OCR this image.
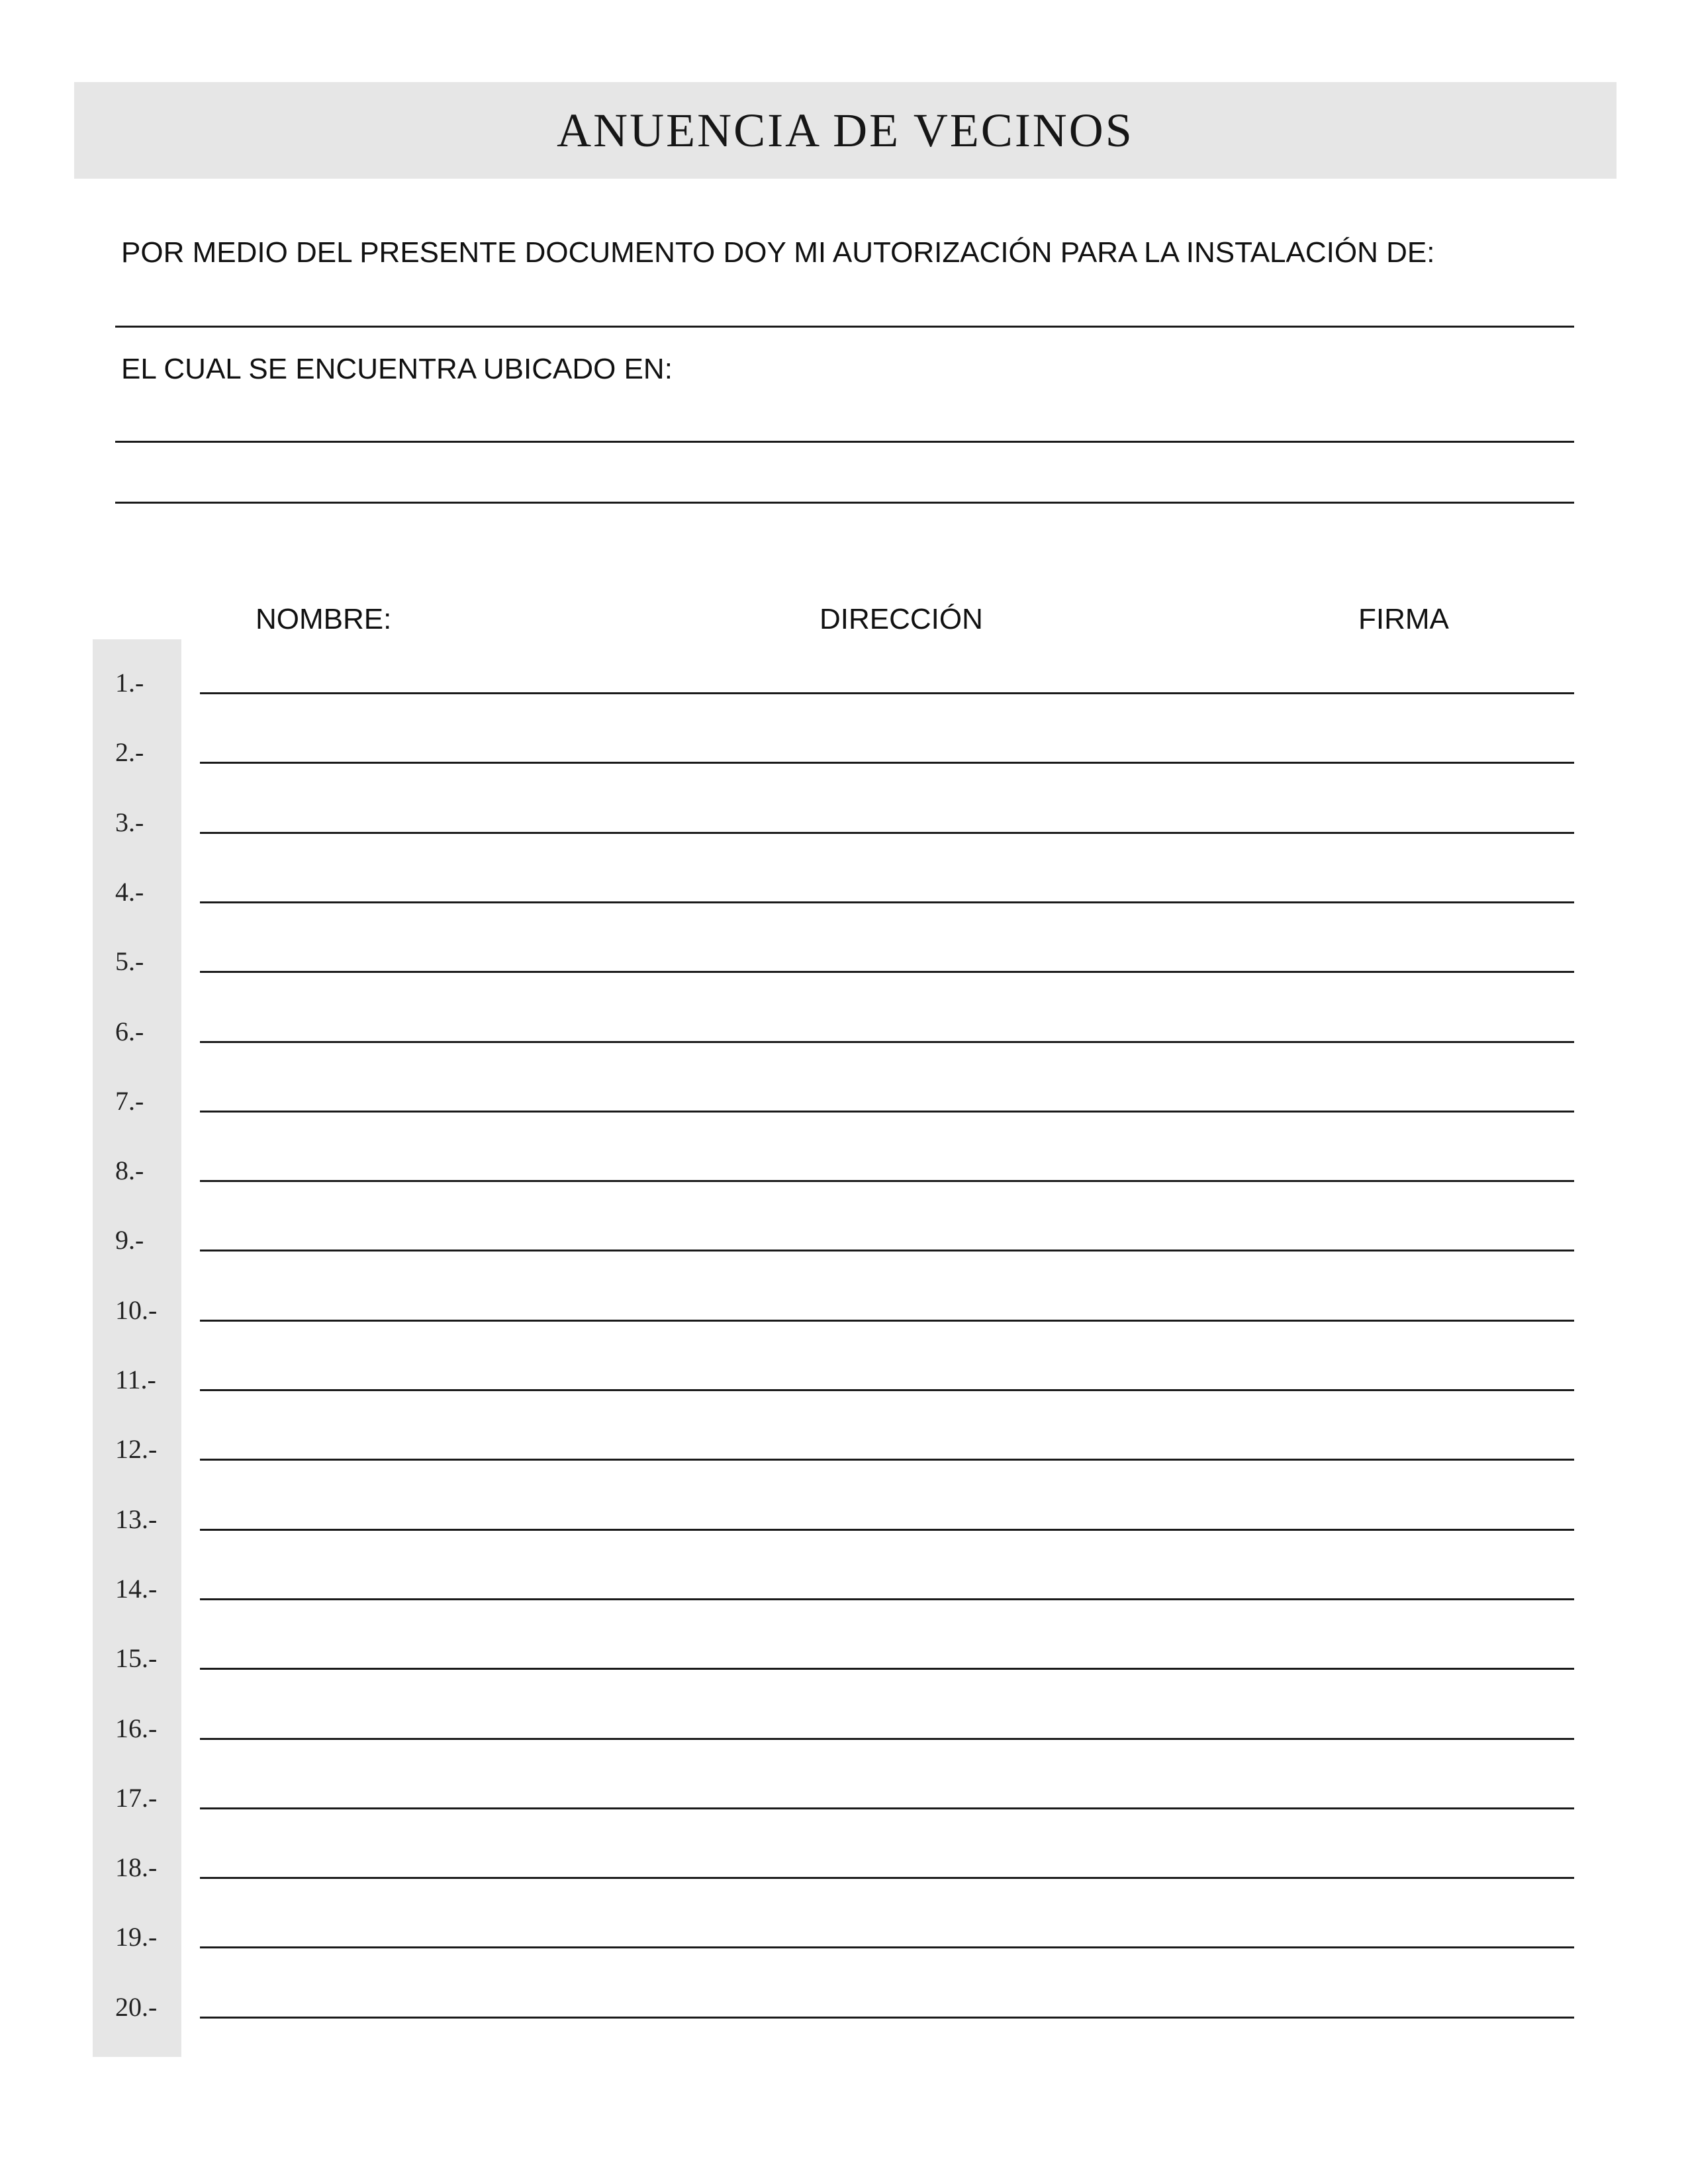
ANUENCIA DE VECINOS
POR MEDIO DEL PRESENTE DOCUMENTO DOY MI AUTORIZACIÓN PARA LA INSTALACIÓN DE:
EL CUAL SE ENCUENTRA UBICADO EN:
NOMBRE:	DIRECCIÓN	FIRMA
1.-
2.-
3.-
4.-
5.-
6.-
7.-
8.-
9.-
10.-
11.-
12.-
13.-
14.-
15.-
16.-
17.-
18.-
19.-
20.-
